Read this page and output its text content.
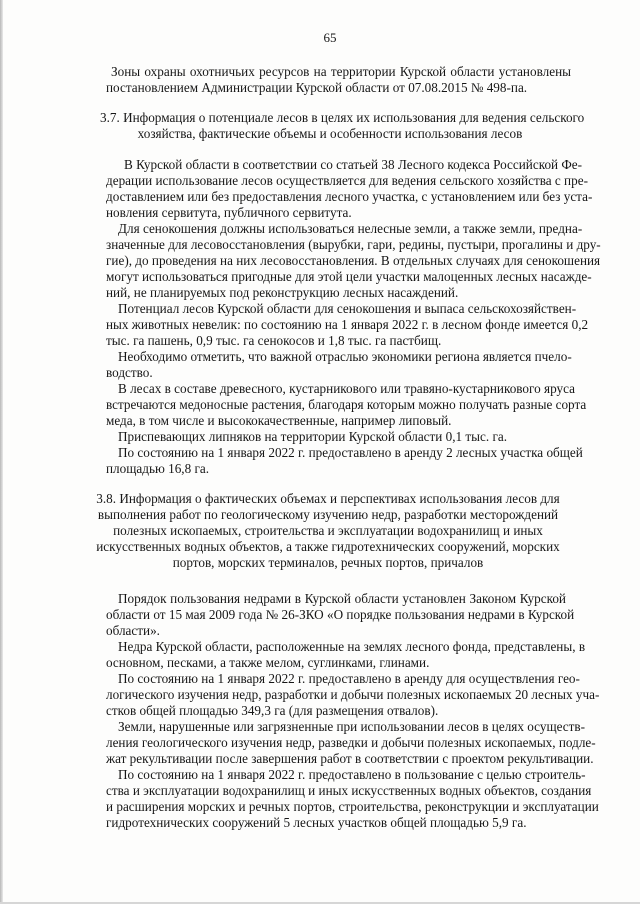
65
Зоны охраны охотничьих ресурсов на территории Курской области установлены
постановлением Администрации Курской области от 07.08.2015 № 498-па.
3.7. Информация о потенциале лесов в целях их использования для ведения сельского
хозяйства, фактические объемы и особенности использования лесов
В Курской области в соответствии со статьей 38 Лесного кодекса Российской Фе-
дерации использование лесов осуществляется для ведения сельского хозяйства с пре-
доставлением или без предоставления лесного участка, с установлением или без уста-
новления сервитута, публичного сервитута.
Для сенокошения должны использоваться нелесные земли, а также земли, предна-
значенные для лесовосстановления (вырубки, гари, редины, пустыри, прогалины и дру-
гие), до проведения на них лесовосстановления. В отдельных случаях для сенокошения
могут использоваться пригодные для этой цели участки малоценных лесных насажде-
ний, не планируемых под реконструкцию лесных насаждений.
Потенциал лесов Курской области для сенокошения и выпаса сельскохозяйствен-
ных животных невелик: по состоянию на 1 января 2022 г. в лесном фонде имеется 0,2
тыс. га пашень, 0,9 тыс. га сенокосов и 1,8 тыс. га пастбищ.
Необходимо отметить, что важной отраслью экономики региона является пчело-
водство.
В лесах в составе древесного, кустарникового или травяно-кустарникового яруса
встречаются медоносные растения, благодаря которым можно получать разные сорта
меда, в том числе и высококачественные, например липовый.
Приспевающих липняков на территории Курской области 0,1 тыс. га.
По состоянию на 1 января 2022 г. предоставлено в аренду 2 лесных участка общей
площадью 16,8 га.
3.8. Информация о фактических объемах и перспективах использования лесов для
выполнения работ по геологическому изучению недр, разработки месторождений
полезных ископаемых, строительства и эксплуатации водохранилищ и иных
искусственных водных объектов, а также гидротехнических сооружений, морских
портов, морских терминалов, речных портов, причалов
Порядок пользования недрами в Курской области установлен Законом Курской
области от 15 мая 2009 года № 26-ЗКО «О порядке пользования недрами в Курской
области».
Недра Курской области, расположенные на землях лесного фонда, представлены, в
основном, песками, а также мелом, суглинками, глинами.
По состоянию на 1 января 2022 г. предоставлено в аренду для осуществления гео-
логического изучения недр, разработки и добычи полезных ископаемых 20 лесных уча-
стков общей площадью 349,3 га (для размещения отвалов).
Земли, нарушенные или загрязненные при использовании лесов в целях осуществ-
ления геологического изучения недр, разведки и добычи полезных ископаемых, подле-
жат рекультивации после завершения работ в соответствии с проектом рекультивации.
По состоянию на 1 января 2022 г. предоставлено в пользование с целью строитель-
ства и эксплуатации водохранилищ и иных искусственных водных объектов, создания
и расширения морских и речных портов, строительства, реконструкции и эксплуатации
гидротехнических сооружений 5 лесных участков общей площадью 5,9 га.
